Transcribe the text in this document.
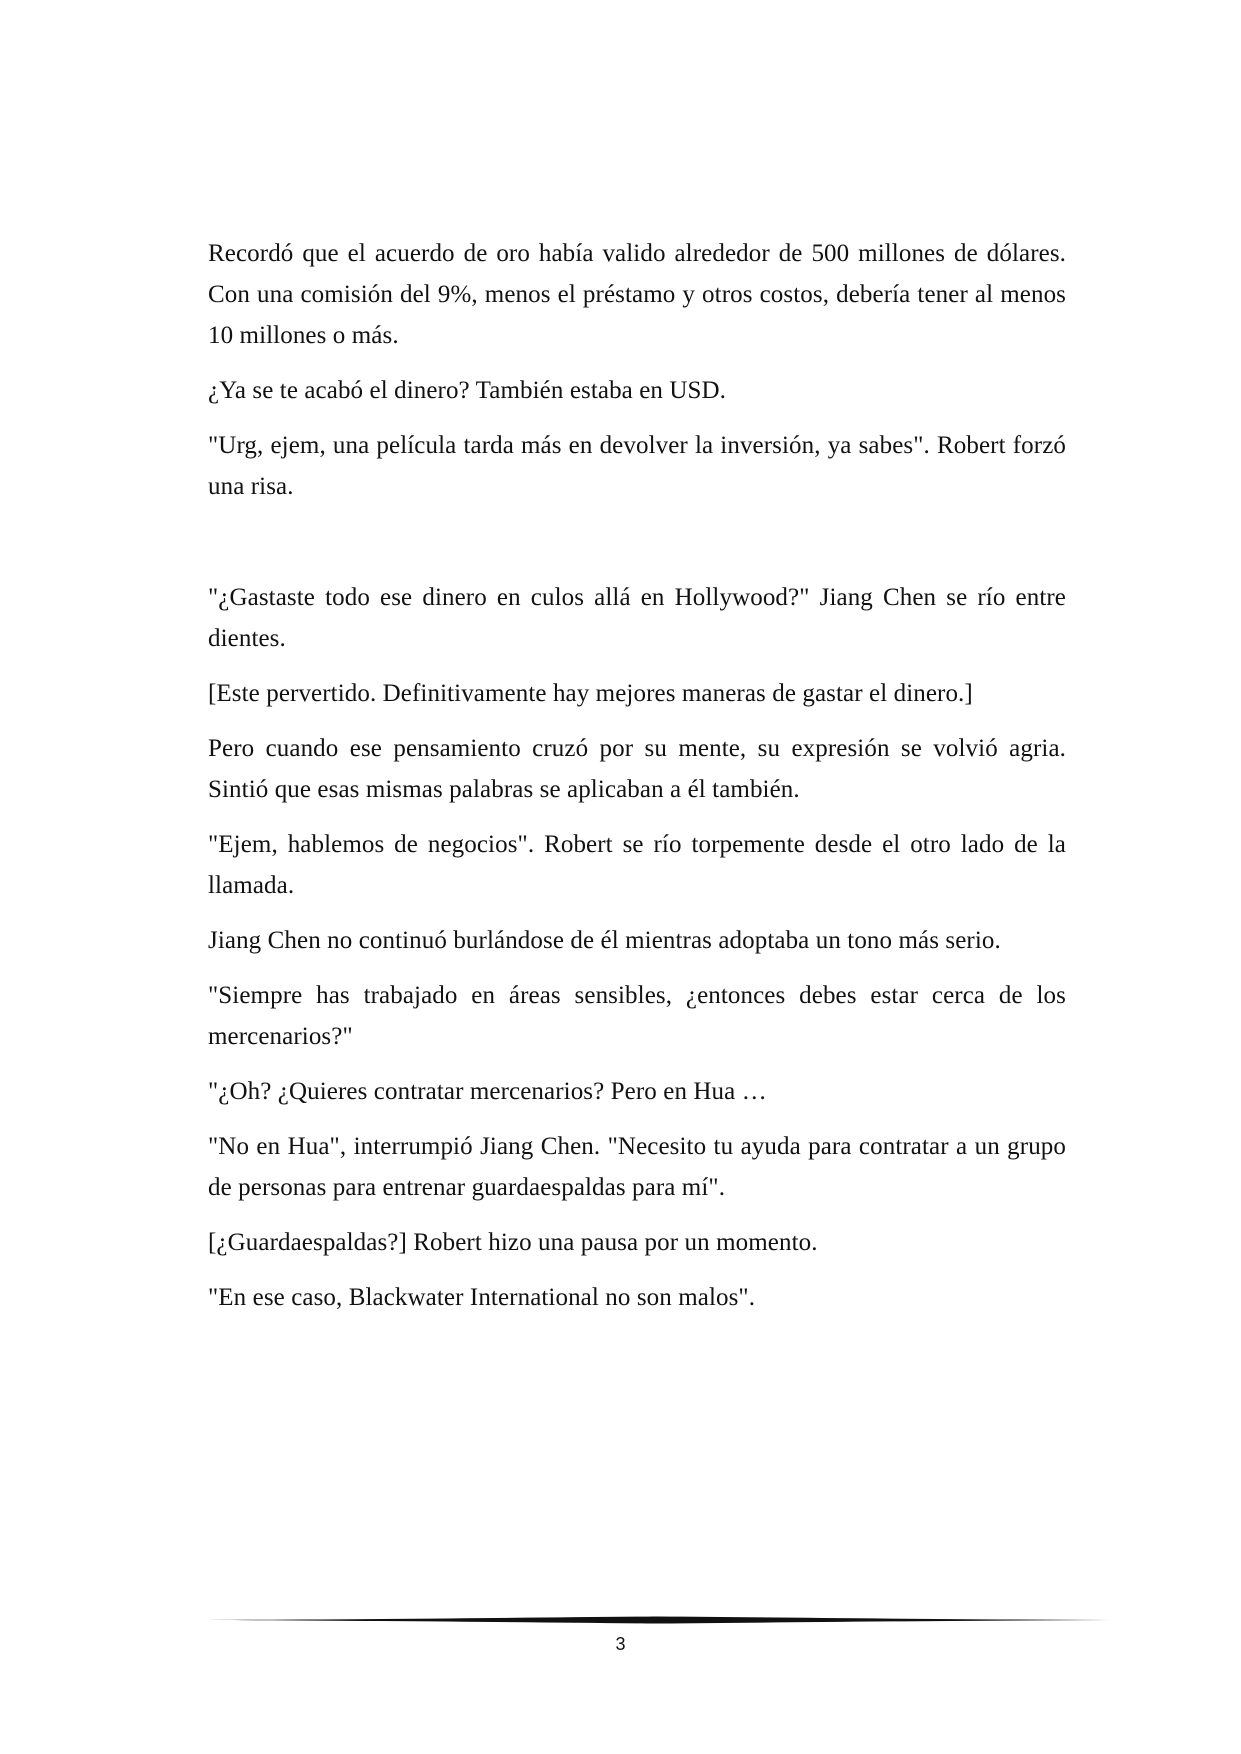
Recordó que el acuerdo de oro había valido alrededor de 500 millones de dólares. Con una comisión del 9%, menos el préstamo y otros costos, debería tener al menos 10 millones o más.

¿Ya se te acabó el dinero? También estaba en USD.

"Urg, ejem, una película tarda más en devolver la inversión, ya sabes". Robert forzó una risa.

"¿Gastaste todo ese dinero en culos allá en Hollywood?" Jiang Chen se río entre dientes.

[Este pervertido. Definitivamente hay mejores maneras de gastar el dinero.]

Pero cuando ese pensamiento cruzó por su mente, su expresión se volvió agria. Sintió que esas mismas palabras se aplicaban a él también.

"Ejem, hablemos de negocios". Robert se río torpemente desde el otro lado de la llamada.

Jiang Chen no continuó burlándose de él mientras adoptaba un tono más serio.

"Siempre has trabajado en áreas sensibles, ¿entonces debes estar cerca de los mercenarios?"

"¿Oh? ¿Quieres contratar mercenarios? Pero en Hua …

"No en Hua", interrumpió Jiang Chen. "Necesito tu ayuda para contratar a un grupo de personas para entrenar guardaespaldas para mí".

[¿Guardaespaldas?] Robert hizo una pausa por un momento.

"En ese caso, Blackwater International no son malos".

3
